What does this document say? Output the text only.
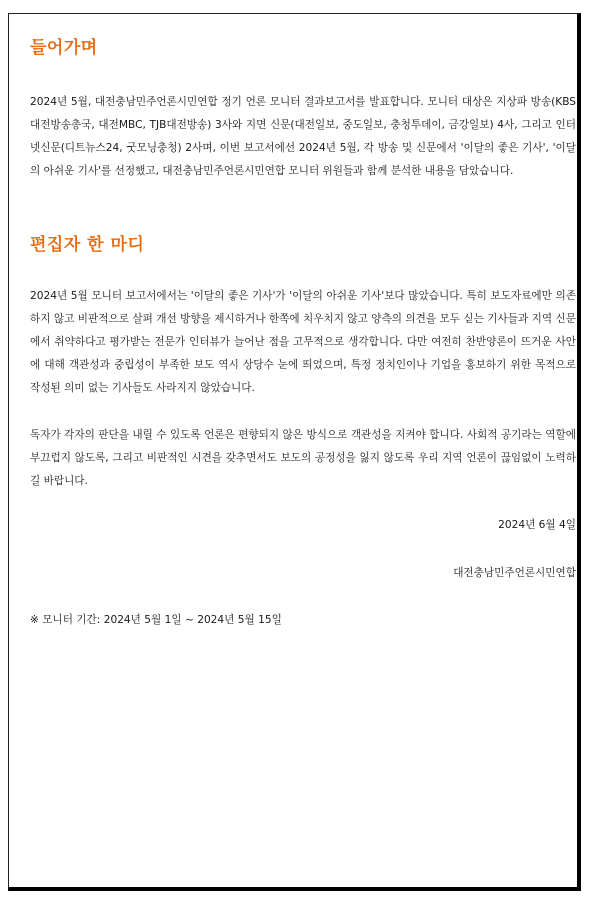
들어가며

2024년 5월, 대전충남민주언론시민연합 정기 언론 모니터 결과보고서를 발표합니다. 모니터 대상은 지상파 방송(KBS대전방송총국, 대전MBC, TJB대전방송) 3사와 지면 신문(대전일보, 중도일보, 충청투데이, 금강일보) 4사, 그리고 인터넷신문(디트뉴스24, 굿모닝충청) 2사며, 이번 보고서에선 2024년 5월, 각 방송 및 신문에서 '이달의 좋은 기사', '이달의 아쉬운 기사'를 선정했고, 대전충남민주언론시민연합 모니터 위원들과 함께 분석한 내용을 담았습니다.

편집자 한 마디

2024년 5월 모니터 보고서에서는 '이달의 좋은 기사'가 '이달의 아쉬운 기사'보다 많았습니다. 특히 보도자료에만 의존하지 않고 비판적으로 살펴 개선 방향을 제시하거나 한쪽에 치우치지 않고 양측의 의견을 모두 싣는 기사들과 지역 신문에서 취약하다고 평가받는 전문가 인터뷰가 늘어난 점을 고무적으로 생각합니다. 다만 여전히 찬반양론이 뜨거운 사안에 대해 객관성과 중립성이 부족한 보도 역시 상당수 눈에 띄었으며, 특정 정치인이나 기업을 홍보하기 위한 목적으로 작성된 의미 없는 기사들도 사라지지 않았습니다.

독자가 각자의 판단을 내릴 수 있도록 언론은 편향되지 않은 방식으로 객관성을 지켜야 합니다. 사회적 공기라는 역할에 부끄럽지 않도록, 그리고 비판적인 시견을 갖추면서도 보도의 공정성을 잃지 않도록 우리 지역 언론이 끊임없이 노력하길 바랍니다.

2024년 6월 4일

대전충남민주언론시민연합

※ 모니터 기간: 2024년 5월 1일 ~ 2024년 5월 15일
